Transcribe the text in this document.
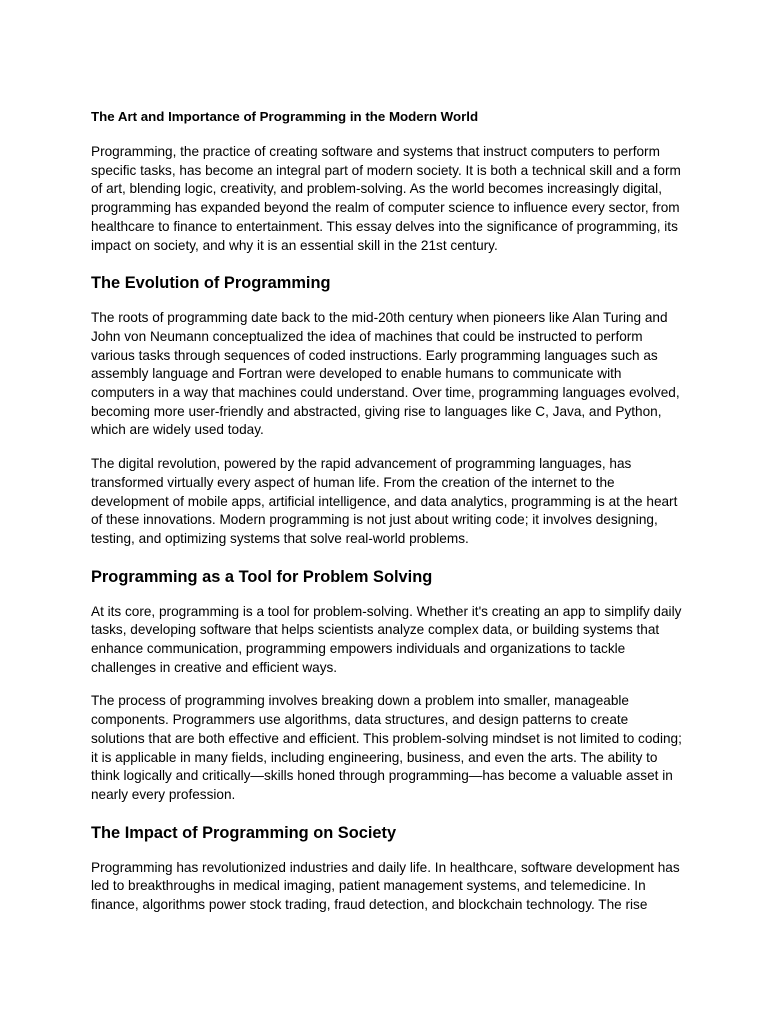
The Art and Importance of Programming in the Modern World

Programming, the practice of creating software and systems that instruct computers to perform specific tasks, has become an integral part of modern society. It is both a technical skill and a form of art, blending logic, creativity, and problem-solving. As the world becomes increasingly digital, programming has expanded beyond the realm of computer science to influence every sector, from healthcare to finance to entertainment. This essay delves into the significance of programming, its impact on society, and why it is an essential skill in the 21st century.

The Evolution of Programming

The roots of programming date back to the mid-20th century when pioneers like Alan Turing and John von Neumann conceptualized the idea of machines that could be instructed to perform various tasks through sequences of coded instructions. Early programming languages such as assembly language and Fortran were developed to enable humans to communicate with computers in a way that machines could understand. Over time, programming languages evolved, becoming more user-friendly and abstracted, giving rise to languages like C, Java, and Python, which are widely used today.

The digital revolution, powered by the rapid advancement of programming languages, has transformed virtually every aspect of human life. From the creation of the internet to the development of mobile apps, artificial intelligence, and data analytics, programming is at the heart of these innovations. Modern programming is not just about writing code; it involves designing, testing, and optimizing systems that solve real-world problems.

Programming as a Tool for Problem Solving

At its core, programming is a tool for problem-solving. Whether it's creating an app to simplify daily tasks, developing software that helps scientists analyze complex data, or building systems that enhance communication, programming empowers individuals and organizations to tackle challenges in creative and efficient ways.

The process of programming involves breaking down a problem into smaller, manageable components. Programmers use algorithms, data structures, and design patterns to create solutions that are both effective and efficient. This problem-solving mindset is not limited to coding; it is applicable in many fields, including engineering, business, and even the arts. The ability to think logically and critically—skills honed through programming—has become a valuable asset in nearly every profession.

The Impact of Programming on Society

Programming has revolutionized industries and daily life. In healthcare, software development has led to breakthroughs in medical imaging, patient management systems, and telemedicine. In finance, algorithms power stock trading, fraud detection, and blockchain technology. The rise
